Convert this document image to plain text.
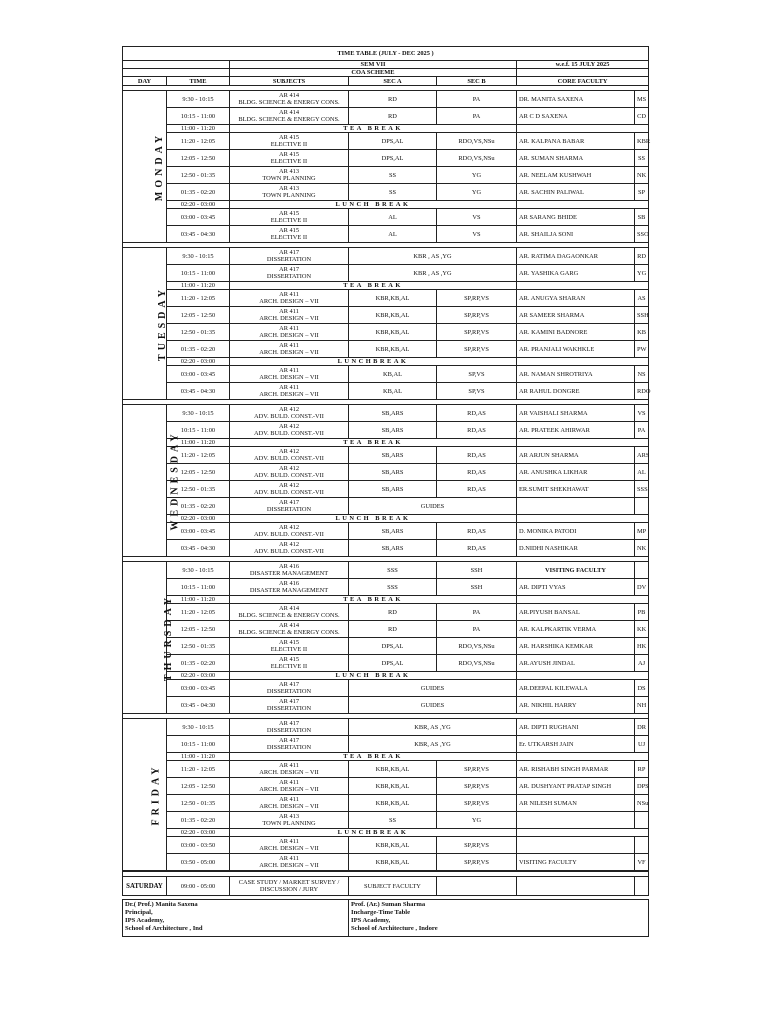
TIME TABLE (JULY - DEC 2025 )						
		SEM VII			w.e.f. 15 JULY 2025	
		COA SCHEME				
DAY	TIME	SUBJECTS	SEC A	SEC B	CORE FACULTY	

MONDAY	9:30 - 10:15	AR 414
BLDG. SCIENCE & ENERGY CONS.	RD	PA	DR. MANITA SAXENA	MS
	10:15 - 11:00	AR 414
BLDG. SCIENCE & ENERGY CONS.	RD	PA	AR C D SAXENA	CD
	11:00 - 11:20	TEA BREAK				
	11:20 - 12:05	AR 415
ELECTIVE II	DPS,AL	RDO,VS,NSu	AR. KALPANA BABAR	KBR
	12:05 - 12:50	AR 415
ELECTIVE II	DPS,AL	RDO,VS,NSu	AR. SUMAN SHARMA	SS
	12:50 - 01:35	AR 413
TOWN PLANNING	SS	YG	AR. NEELAM KUSHWAH	NK
	01:35 - 02:20	AR 413
TOWN PLANNING	SS	YG	AR. SACHIN PALIWAL	SP
	02:20 - 03:00	LUNCH BREAK				
	03:00 - 03:45	AR 415
ELECTIVE II	AL	VS	AR SARANG BHIDE	SB
	03:45 - 04:30	AR 415
ELECTIVE II	AL	VS	AR. SHAILJA SONI	SSO

TUESDAY	9:30 - 10:15	AR 417
DISSERTATION	KBR , AS ,YG		AR. RATIMA DAGAONKAR	RD
	10:15 - 11:00	AR 417
DISSERTATION	KBR , AS ,YG		AR. YASHIKA GARG	YG
	11:00 - 11:20	TEA BREAK				
	11:20 - 12:05	AR 411
ARCH. DESIGN – VII	KBR,KB,AL	SP,RP,VS	AR. ANUGYA SHARAN	AS
	12:05 - 12:50	AR 411
ARCH. DESIGN – VII	KBR,KB,AL	SP,RP,VS	AR SAMEER SHARMA	SSH
	12:50 - 01:35	AR 411
ARCH. DESIGN – VII	KBR,KB,AL	SP,RP,VS	AR. KAMINI BADNORE	KB
	01:35 - 02:20	AR 411
ARCH. DESIGN – VII	KBR,KB,AL	SP,RP,VS	AR. PRANJALI WAKHKLE	PW
	02:20 - 03:00	LUNCHBREAK				
	03:00 - 03:45	AR 411
ARCH. DESIGN – VII	KB,AL	SP,VS	AR. NAMAN SHROTRIYA	NS
	03:45 - 04:30	AR 411
ARCH. DESIGN – VII	KB,AL	SP,VS	AR RAHUL DONGRE	RDO

WEDNESDAY	9:30 - 10:15	AR 412
ADV. BULD. CONST.-VII	SB,ARS	RD,AS	AR VAISHALI SHARMA	VS
	10:15 - 11:00	AR 412
ADV. BULD. CONST.-VII	SB,ARS	RD,AS	AR. PRATEEK AHIRWAR	PA
	11:00 - 11:20	TEA BREAK				
	11:20 - 12:05	AR 412
ADV. BULD. CONST.-VII	SB,ARS	RD,AS	AR ARJUN SHARMA	ARS
	12:05 - 12:50	AR 412
ADV. BULD. CONST.-VII	SB,ARS	RD,AS	AR. ANUSHKA LIKHAR	AL
	12:50 - 01:35	AR 412
ADV. BULD. CONST.-VII	SB,ARS	RD,AS	ER.SUMIT SHEKHAWAT	SSS
	01:35 - 02:20	AR 417
DISSERTATION	GUIDES			
	02:20 - 03:00	LUNCH BREAK				
	03:00 - 03:45	AR 412
ADV. BULD. CONST.-VII	SB,ARS	RD,AS	D. MONIKA PATODI	MP
	03:45 - 04:30	AR 412
ADV. BULD. CONST.-VII	SB,ARS	RD,AS	D.NIDHI NASHIKAR	NK

THURSDAY	9:30 - 10:15	AR 416
DISASTER MANAGEMENT	SSS	SSH	VISITING FACULTY	
	10:15 - 11:00	AR 416
DISASTER MANAGEMENT	SSS	SSH	AR. DIPTI VYAS	DV
	11:00 - 11:20	TEA BREAK				
	11:20 - 12:05	AR 414
BLDG. SCIENCE & ENERGY CONS.	RD	PA	AR.PIYUSH BANSAL	PB
	12:05 - 12:50	AR 414
BLDG. SCIENCE & ENERGY CONS.	RD	PA	AR. KALPKARTIK VERMA	KK
	12:50 - 01:35	AR 415
ELECTIVE II	DPS,AL	RDO,VS,NSu	AR. HARSHIKA KEMKAR	HK
	01:35 - 02:20	AR 415
ELECTIVE II	DPS,AL	RDO,VS,NSu	AR.AYUSH JINDAL	AJ
	02:20 - 03:00	LUNCH BREAK				
	03:00 - 03:45	AR 417
DISSERTATION	GUIDES		AR.DEEPAL KILEWALA	DS
	03:45 - 04:30	AR 417
DISSERTATION	GUIDES		AR. NIKHIL HARRY	NH

FRIDAY	9:30 - 10:15	AR 417
DISSERTATION	KBR, AS ,YG		AR. DIPTI RUGHANI	DR
	10:15 - 11:00	AR 417
DISSERTATION	KBR, AS ,YG		Er. UTKARSH JAIN	UJ
	11:00 - 11:20	TEA BREAK				
	11:20 - 12:05	AR 411
ARCH. DESIGN – VII	KBR,KB,AL	SP,RP,VS	AR. RISHABH SINGH PARMAR	RP
	12:05 - 12:50	AR 411
ARCH. DESIGN – VII	KBR,KB,AL	SP,RP,VS	AR. DUSHYANT PRATAP SINGH	DPS
	12:50 - 01:35	AR 411
ARCH. DESIGN – VII	KBR,KB,AL	SP,RP,VS	AR NILESH SUMAN	NSu
	01:35 - 02:20	AR 413
TOWN PLANNING	SS	YG		
	02:20 - 03:00	LUNCHBREAK				
	03:00 - 03:50	AR 411
ARCH. DESIGN – VII	KBR,KB,AL	SP,RP,VS		
	03:50 - 05:00	AR 411
ARCH. DESIGN – VII	KBR,KB,AL	SP,RP,VS	VISITING FACULTY	VF

SATURDAY	09:00 - 05:00	CASE STUDY / MARKET SURVEY / DISCUSSION / JURY	SUBJECT FACULTY			
Dr.( Prof.) Manita Saxena
Principal,
IPS Academy,
School of Architecture , Ind

Prof. (Ar.) Suman Sharma
Incharge-Time Table
IPS Academy,
School of Architecture , Indore
